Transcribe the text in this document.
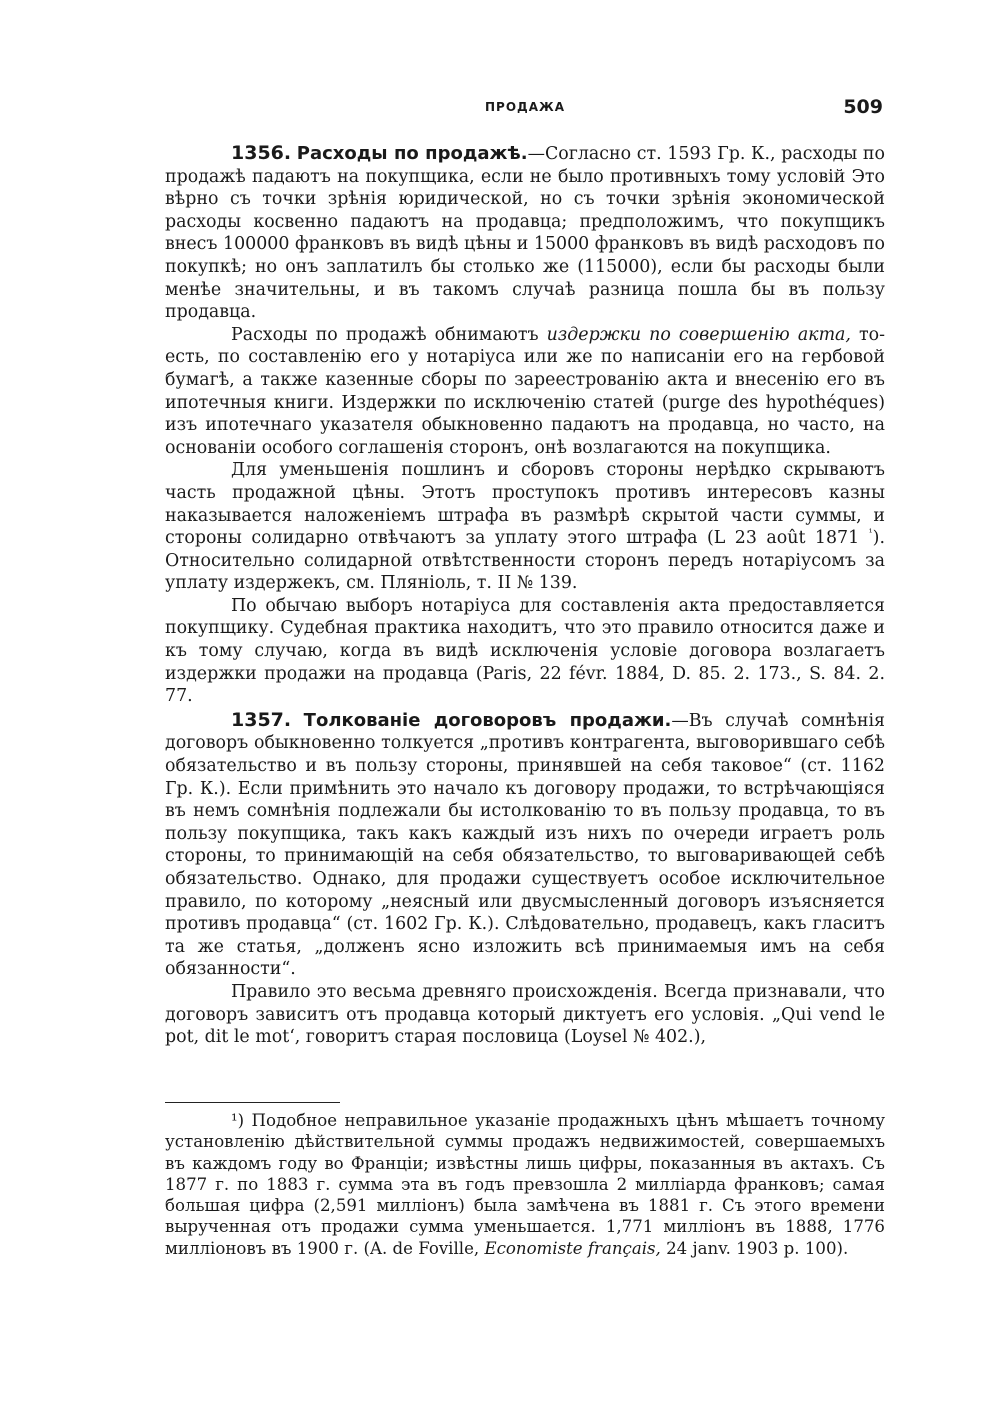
ПРОДАЖА	509

1356. Расходы по продажѣ.—Согласно ст. 1593 Гр. К., расходы по продажѣ падаютъ на покупщика, если не было противныхъ тому условій Это вѣрно съ точки зрѣнія юридической, но съ точки зрѣнія экономической расходы косвенно падаютъ на продавца; предположимъ, что покупщикъ внесъ 100000 франковъ въ видѣ цѣны и 15000 франковъ въ видѣ расходовъ по покупкѣ; но онъ заплатилъ бы столько же (115000), если бы расходы были менѣе значительны, и въ такомъ случаѣ разница пошла бы въ пользу продавца.

Расходы по продажѣ обнимаютъ издержки по совершенію акта, то-есть, по составленію его у нотаріуса или же по написаніи его на гербовой бумагѣ, а также казенные сборы по зареестрованію акта и внесенію его въ ипотечныя книги. Издержки по исключенію статей (purge des hypothéques) изъ ипотечнаго указателя обыкновенно падаютъ на продавца, но часто, на основаніи особого соглашенія сторонъ, онѣ возлагаются на покупщика.

Для уменьшенія пошлинъ и сборовъ стороны нерѣдко скрываютъ часть продажной цѣны. Этотъ проступокъ противъ интересовъ казны наказывается наложеніемъ штрафа въ размѣрѣ скрытой части суммы, и стороны солидарно отвѣчаютъ за уплату этого штрафа (L 23 août 1871 $^{^1}$). Относительно солидарной отвѣтственности сторонъ передъ нотаріусомъ за уплату издержекъ, см. Пляніоль, т. II № 139.

По обычаю выборъ нотаріуса для составленія акта предоставляется покупщику. Судебная практика находитъ, что это правило относится даже и къ тому случаю, когда въ видѣ исключенія условіе договора возлагаетъ издержки продажи на продавца (Paris, 22 févr. 1884, D. 85. 2. 173., S. 84. 2. 77.

1357. Толкованіе договоровъ продажи.—Въ случаѣ сомнѣнія договоръ обыкновенно толкуется „противъ контрагента, выговорившаго себѣ обязательство и въ пользу стороны, принявшей на себя таковое“ (ст. 1162 Гр. К.). Если примѣнить это начало къ договору продажи, то встрѣчающіяся въ немъ сомнѣнія подлежали бы истолкованію то въ пользу продавца, то въ пользу покупщика, такъ какъ каждый изъ нихъ по очереди играетъ роль стороны, то принимающій на себя обязательство, то выговаривающей себѣ обязательство. Однако, для продажи существуетъ особое исключительное правило, по которому „неясный или двусмысленный договоръ изъясняется противъ продавца“ (ст. 1602 Гр. К.). Слѣдовательно, продавецъ, какъ гласитъ та же статья, „долженъ ясно изложить всѣ принимаемыя имъ на себя обязанности“.

Правило это весьма древняго происхожденія. Всегда признавали, что договоръ зависитъ отъ продавца который диктуетъ его условія. „Qui vend le pot, dit le mot‘, говоритъ старая пословица (Loysel № 402.),

¹) Подобное неправильное указаніе продажныхъ цѣнъ мѣшаетъ точному установленію дѣйствительной суммы продажъ недвижимостей, совершаемыхъ въ каждомъ году во Франціи; извѣстны лишь цифры, показанныя въ актахъ. Съ 1877 г. по 1883 г. сумма эта въ годъ превзошла 2 милліарда франковъ; самая большая цифра (2,591 милліонъ) была замѣчена въ 1881 г. Съ этого времени вырученная отъ продажи сумма уменьшается. 1,771 милліонъ въ 1888, 1776 милліоновъ въ 1900 г. (A. de Foville, Economiste français, 24 janv. 1903 p. 100).
